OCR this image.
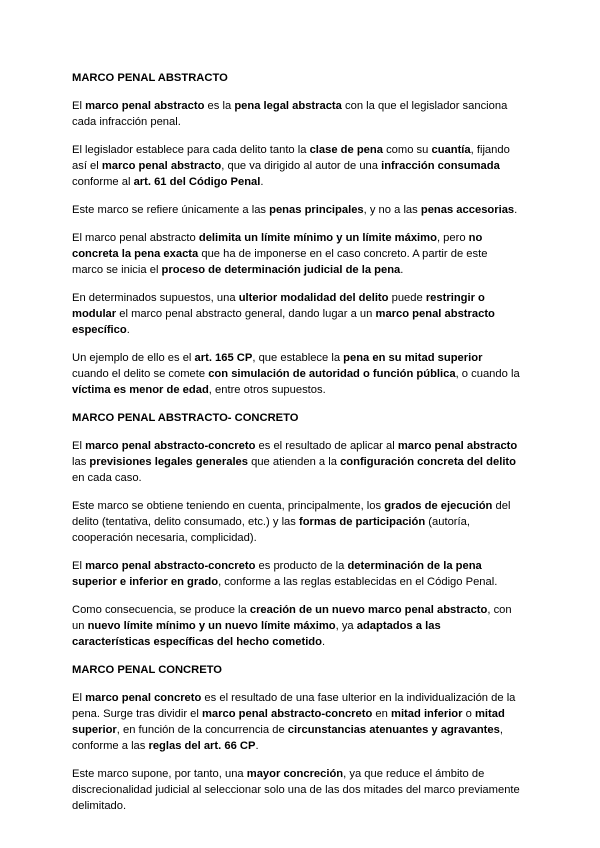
MARCO PENAL ABSTRACTO

El marco penal abstracto es la pena legal abstracta con la que el legislador sanciona cada infracción penal.

El legislador establece para cada delito tanto la clase de pena como su cuantía, fijando así el marco penal abstracto, que va dirigido al autor de una infracción consumada conforme al art. 61 del Código Penal.

Este marco se refiere únicamente a las penas principales, y no a las penas accesorias.

El marco penal abstracto delimita un límite mínimo y un límite máximo, pero no concreta la pena exacta que ha de imponerse en el caso concreto. A partir de este marco se inicia el proceso de determinación judicial de la pena.

En determinados supuestos, una ulterior modalidad del delito puede restringir o modular el marco penal abstracto general, dando lugar a un marco penal abstracto específico.

Un ejemplo de ello es el art. 165 CP, que establece la pena en su mitad superior cuando el delito se comete con simulación de autoridad o función pública, o cuando la víctima es menor de edad, entre otros supuestos.

MARCO PENAL ABSTRACTO- CONCRETO

El marco penal abstracto-concreto es el resultado de aplicar al marco penal abstracto las previsiones legales generales que atienden a la configuración concreta del delito en cada caso.

Este marco se obtiene teniendo en cuenta, principalmente, los grados de ejecución del delito (tentativa, delito consumado, etc.) y las formas de participación (autoría, cooperación necesaria, complicidad).

El marco penal abstracto-concreto es producto de la determinación de la pena superior e inferior en grado, conforme a las reglas establecidas en el Código Penal.

Como consecuencia, se produce la creación de un nuevo marco penal abstracto, con un nuevo límite mínimo y un nuevo límite máximo, ya adaptados a las características específicas del hecho cometido.

MARCO PENAL CONCRETO

El marco penal concreto es el resultado de una fase ulterior en la individualización de la pena. Surge tras dividir el marco penal abstracto-concreto en mitad inferior o mitad superior, en función de la concurrencia de circunstancias atenuantes y agravantes, conforme a las reglas del art. 66 CP.

Este marco supone, por tanto, una mayor concreción, ya que reduce el ámbito de discrecionalidad judicial al seleccionar solo una de las dos mitades del marco previamente delimitado.
